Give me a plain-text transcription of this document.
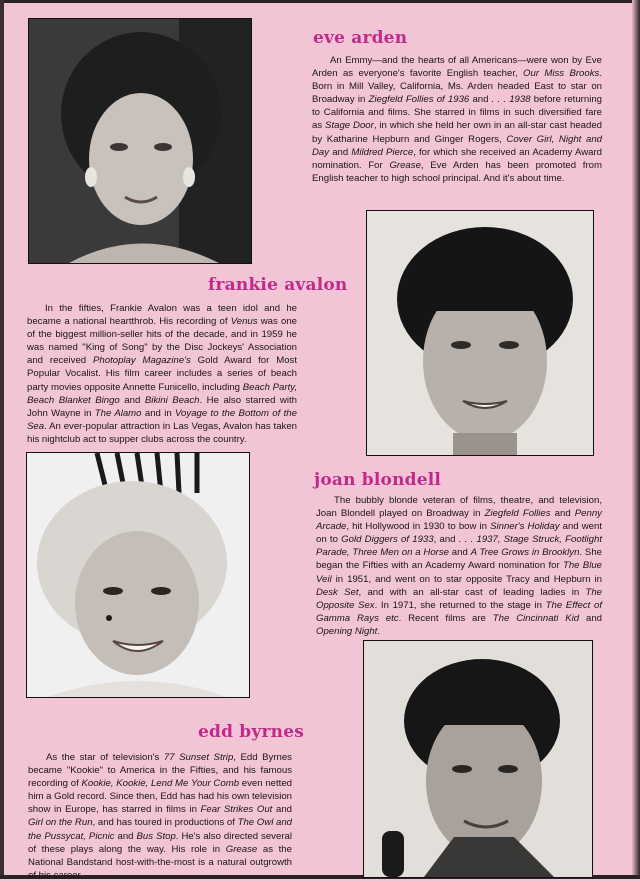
eve arden

An Emmy—and the hearts of all Americans—were won by Eve Arden as everyone's favorite English teacher, Our Miss Brooks. Born in Mill Valley, California, Ms. Arden headed East to star on Broadway in Ziegfeld Follies of 1936 and . . . 1938 before returning to California and films. She starred in films in such diversified fare as Stage Door, in which she held her own in an all-star cast headed by Katharine Hepburn and Ginger Rogers, Cover Girl, Night and Day and Mildred Pierce, for which she received an Academy Award nomination. For Grease, Eve Arden has been promoted from English teacher to high school principal. And it's about time.

frankie avalon

In the fifties, Frankie Avalon was a teen idol and he became a national heartthrob. His recording of Venus was one of the biggest million-seller hits of the decade, and in 1959 he was named "King of Song" by the Disc Jockeys' Association and received Photoplay Magazine's Gold Award for Most Popular Vocalist. His film career includes a series of beach party movies opposite Annette Funicello, including Beach Party, Beach Blanket Bingo and Bikini Beach. He also starred with John Wayne in The Alamo and in Voyage to the Bottom of the Sea. An ever-popular attraction in Las Vegas, Avalon has taken his nightclub act to supper clubs across the country.

joan blondell

The bubbly blonde veteran of films, theatre, and television, Joan Blondell played on Broadway in Ziegfeld Follies and Penny Arcade, hit Hollywood in 1930 to bow in Sinner's Holiday and went on to Gold Diggers of 1933, and . . . 1937, Stage Struck, Footlight Parade, Three Men on a Horse and A Tree Grows in Brooklyn. She began the Fifties with an Academy Award nomination for The Blue Veil in 1951, and went on to star opposite Tracy and Hepburn in Desk Set, and with an all-star cast of leading ladies in The Opposite Sex. In 1971, she returned to the stage in The Effect of Gamma Rays etc. Recent films are The Cincinnati Kid and Opening Night.

edd byrnes

As the star of television's 77 Sunset Strip, Edd Byrnes became "Kookie" to America in the Fifties, and his famous recording of Kookie, Kookie, Lend Me Your Comb even netted him a Gold record. Since then, Edd has had his own television show in Europe, has starred in films in Fear Strikes Out and Girl on the Run, and has toured in productions of The Owl and the Pussycat, Picnic and Bus Stop. He's also directed several of these plays along the way. His role in Grease as the National Bandstand host-with-the-most is a natural outgrowth of his career.
